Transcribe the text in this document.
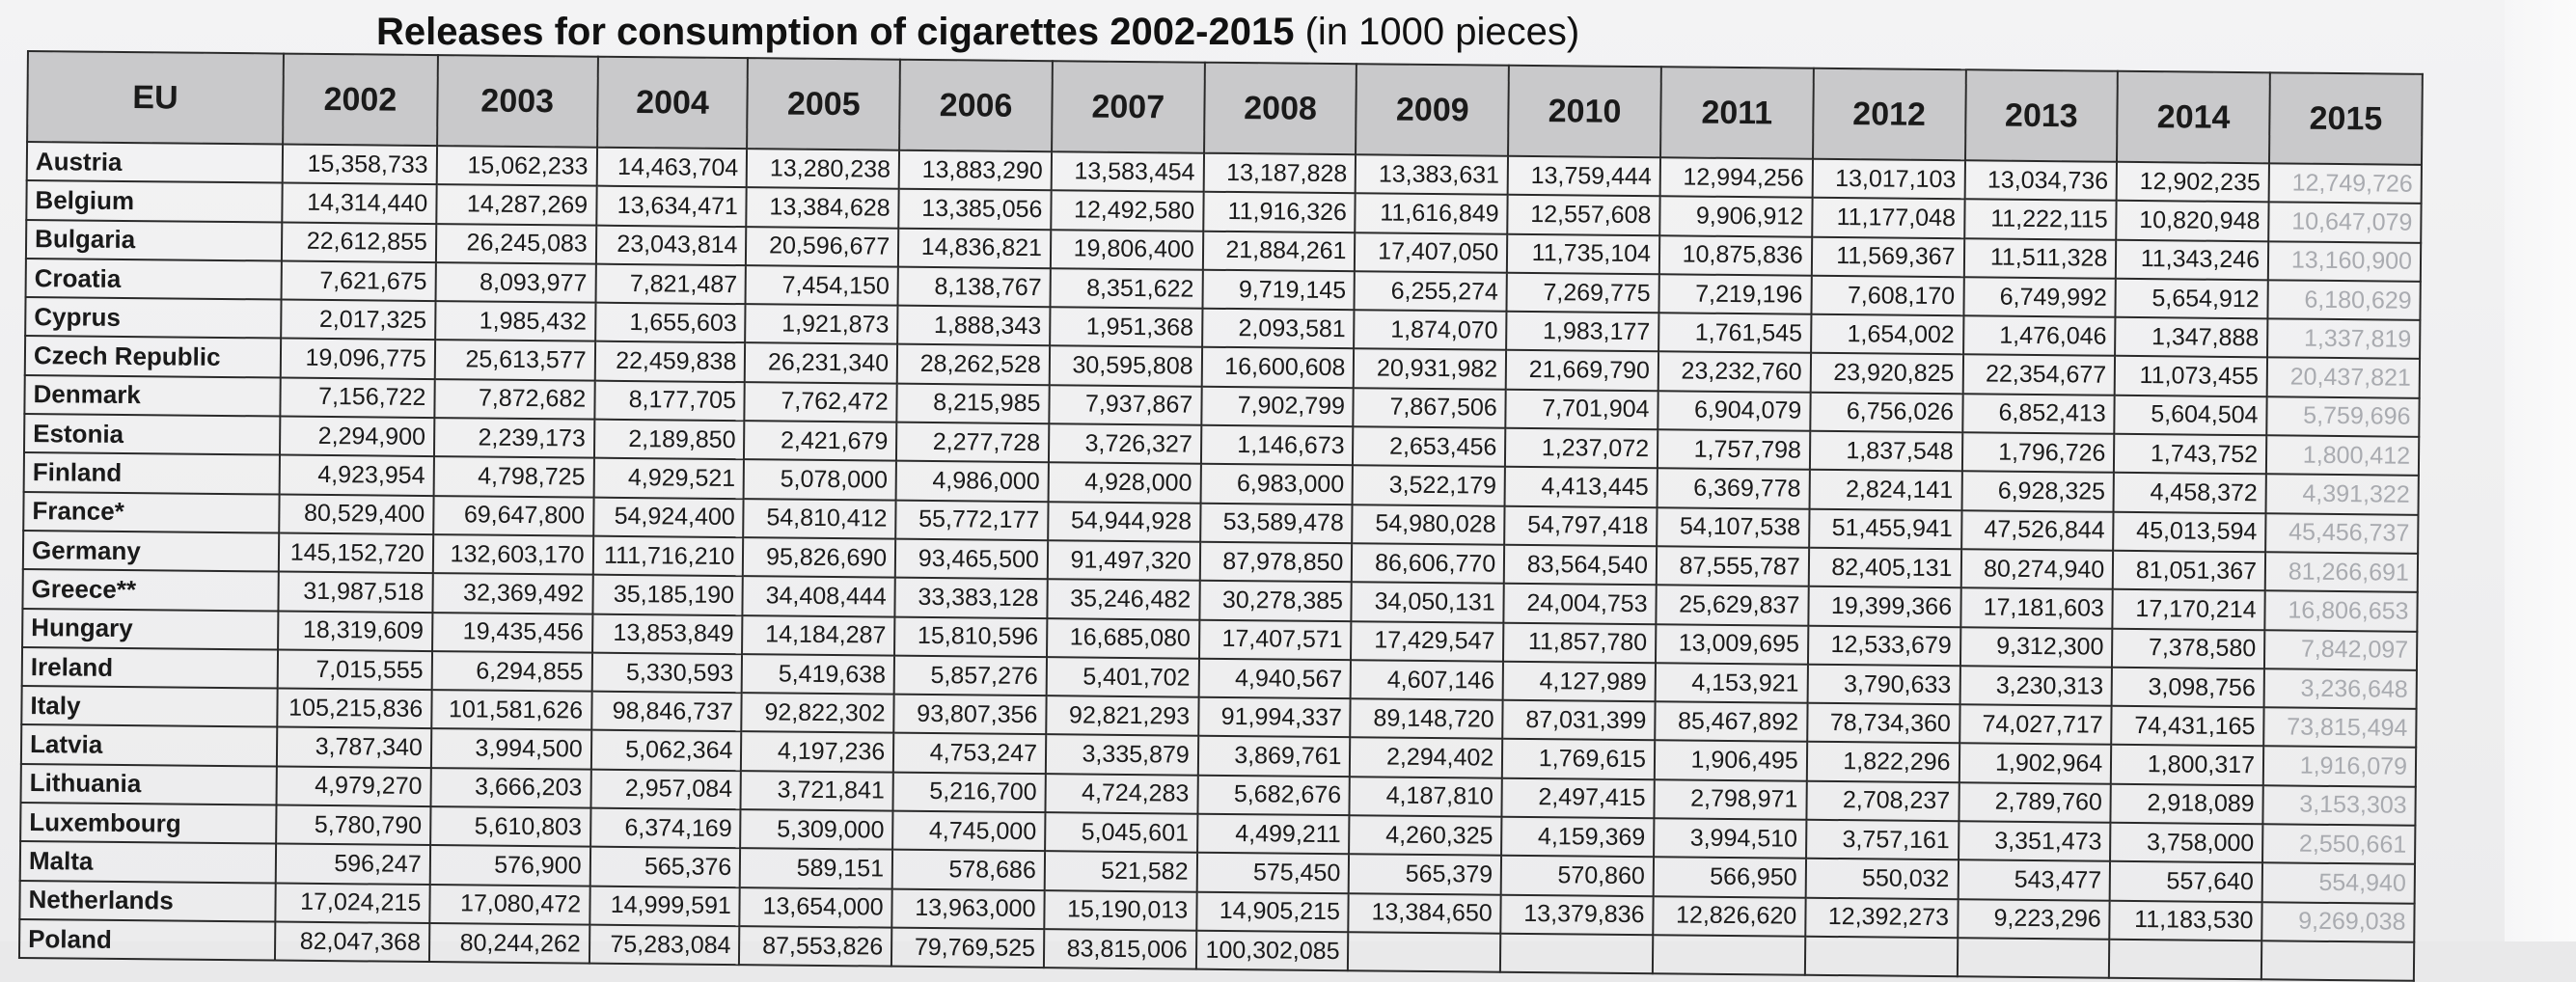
Releases for consumption of cigarettes 2002-2015 (in 1000 pieces)
EU	2002	2003	2004	2005	2006	2007	2008	2009	2010	2011	2012	2013	2014	2015
Austria	15,358,733	15,062,233	14,463,704	13,280,238	13,883,290	13,583,454	13,187,828	13,383,631	13,759,444	12,994,256	13,017,103	13,034,736	12,902,235	12,749,726
Belgium	14,314,440	14,287,269	13,634,471	13,384,628	13,385,056	12,492,580	11,916,326	11,616,849	12,557,608	9,906,912	11,177,048	11,222,115	10,820,948	10,647,079
Bulgaria	22,612,855	26,245,083	23,043,814	20,596,677	14,836,821	19,806,400	21,884,261	17,407,050	11,735,104	10,875,836	11,569,367	11,511,328	11,343,246	13,160,900
Croatia	7,621,675	8,093,977	7,821,487	7,454,150	8,138,767	8,351,622	9,719,145	6,255,274	7,269,775	7,219,196	7,608,170	6,749,992	5,654,912	6,180,629
Cyprus	2,017,325	1,985,432	1,655,603	1,921,873	1,888,343	1,951,368	2,093,581	1,874,070	1,983,177	1,761,545	1,654,002	1,476,046	1,347,888	1,337,819
Czech Republic	19,096,775	25,613,577	22,459,838	26,231,340	28,262,528	30,595,808	16,600,608	20,931,982	21,669,790	23,232,760	23,920,825	22,354,677	11,073,455	20,437,821
Denmark	7,156,722	7,872,682	8,177,705	7,762,472	8,215,985	7,937,867	7,902,799	7,867,506	7,701,904	6,904,079	6,756,026	6,852,413	5,604,504	5,759,696
Estonia	2,294,900	2,239,173	2,189,850	2,421,679	2,277,728	3,726,327	1,146,673	2,653,456	1,237,072	1,757,798	1,837,548	1,796,726	1,743,752	1,800,412
Finland	4,923,954	4,798,725	4,929,521	5,078,000	4,986,000	4,928,000	6,983,000	3,522,179	4,413,445	6,369,778	2,824,141	6,928,325	4,458,372	4,391,322
France*	80,529,400	69,647,800	54,924,400	54,810,412	55,772,177	54,944,928	53,589,478	54,980,028	54,797,418	54,107,538	51,455,941	47,526,844	45,013,594	45,456,737
Germany	145,152,720	132,603,170	111,716,210	95,826,690	93,465,500	91,497,320	87,978,850	86,606,770	83,564,540	87,555,787	82,405,131	80,274,940	81,051,367	81,266,691
Greece**	31,987,518	32,369,492	35,185,190	34,408,444	33,383,128	35,246,482	30,278,385	34,050,131	24,004,753	25,629,837	19,399,366	17,181,603	17,170,214	16,806,653
Hungary	18,319,609	19,435,456	13,853,849	14,184,287	15,810,596	16,685,080	17,407,571	17,429,547	11,857,780	13,009,695	12,533,679	9,312,300	7,378,580	7,842,097
Ireland	7,015,555	6,294,855	5,330,593	5,419,638	5,857,276	5,401,702	4,940,567	4,607,146	4,127,989	4,153,921	3,790,633	3,230,313	3,098,756	3,236,648
Italy	105,215,836	101,581,626	98,846,737	92,822,302	93,807,356	92,821,293	91,994,337	89,148,720	87,031,399	85,467,892	78,734,360	74,027,717	74,431,165	73,815,494
Latvia	3,787,340	3,994,500	5,062,364	4,197,236	4,753,247	3,335,879	3,869,761	2,294,402	1,769,615	1,906,495	1,822,296	1,902,964	1,800,317	1,916,079
Lithuania	4,979,270	3,666,203	2,957,084	3,721,841	5,216,700	4,724,283	5,682,676	4,187,810	2,497,415	2,798,971	2,708,237	2,789,760	2,918,089	3,153,303
Luxembourg	5,780,790	5,610,803	6,374,169	5,309,000	4,745,000	5,045,601	4,499,211	4,260,325	4,159,369	3,994,510	3,757,161	3,351,473	3,758,000	2,550,661
Malta	596,247	576,900	565,376	589,151	578,686	521,582	575,450	565,379	570,860	566,950	550,032	543,477	557,640	554,940
Netherlands	17,024,215	17,080,472	14,999,591	13,654,000	13,963,000	15,190,013	14,905,215	13,384,650	13,379,836	12,826,620	12,392,273	9,223,296	11,183,530	9,269,038
Poland	82,047,368	80,244,262	75,283,084	87,553,826	79,769,525	83,815,006	100,302,085							
